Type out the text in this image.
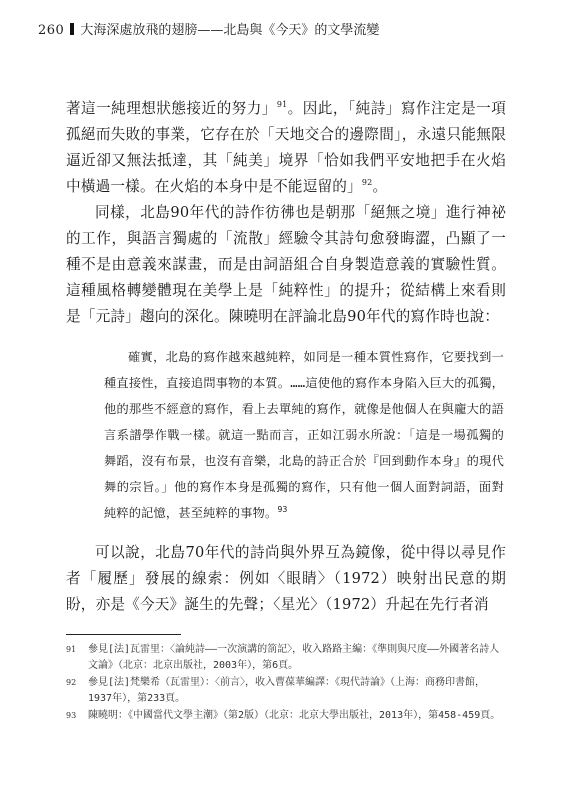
260 大海深處放飛的翅膀——北島與《今天》的文學流變

著這一純理想狀態接近的努力」$^{91}$。因此，「純詩」寫作注定是一項孤絕而失敗的事業，它存在於「天地交合的邊際間」，永遠只能無限逼近卻又無法抵達，其「純美」境界「恰如我們平安地把手在火焰中橫過一樣。在火焰的本身中是不能逗留的」$^{92}$。

同樣，北島90年代的詩作彷彿也是朝那「絕無之境」進行神祕的工作，與語言獨處的「流散」經驗令其詩句愈發晦澀，凸顯了一種不是由意義來謀畫，而是由詞語組合自身製造意義的實驗性質。這種風格轉變體現在美學上是「純粹性」的提升；從結構上來看則是「元詩」趨向的深化。陳曉明在評論北島90年代的寫作時也說：

確實，北島的寫作越來越純粹，如同是一種本質性寫作，它要找到一種直接性，直接追問事物的本質。……這使他的寫作本身陷入巨大的孤獨，他的那些不經意的寫作，看上去單純的寫作，就像是他個人在與龐大的語言系譜學作戰一樣。就這一點而言，正如江弱水所說：「這是一場孤獨的舞蹈，沒有布景，也沒有音樂，北島的詩正合於『回到動作本身』的現代舞的宗旨。」他的寫作本身是孤獨的寫作，只有他一個人面對詞語，面對純粹的記憶，甚至純粹的事物。$^{93}$

可以說，北島70年代的詩尚與外界互為鏡像，從中得以尋見作者「履歷」發展的線索：例如〈眼睛〉（1972）映射出民意的期盼，亦是《今天》誕生的先聲；〈星光〉（1972）升起在先行者消

91	參見[法]瓦雷里：〈論純詩——一次演講的箚記〉，收入路路主編：《準則與尺度——外國著名詩人文論》（北京：北京出版社，2003年），第6頁。
92	參見[法]梵樂希（瓦雷里）：〈前言〉，收入曹葆華編譯：《現代詩論》（上海：商務印書館，1937年），第233頁。
93	陳曉明：《中國當代文學主潮》（第2版）（北京：北京大學出版社，2013年），第458-459頁。
